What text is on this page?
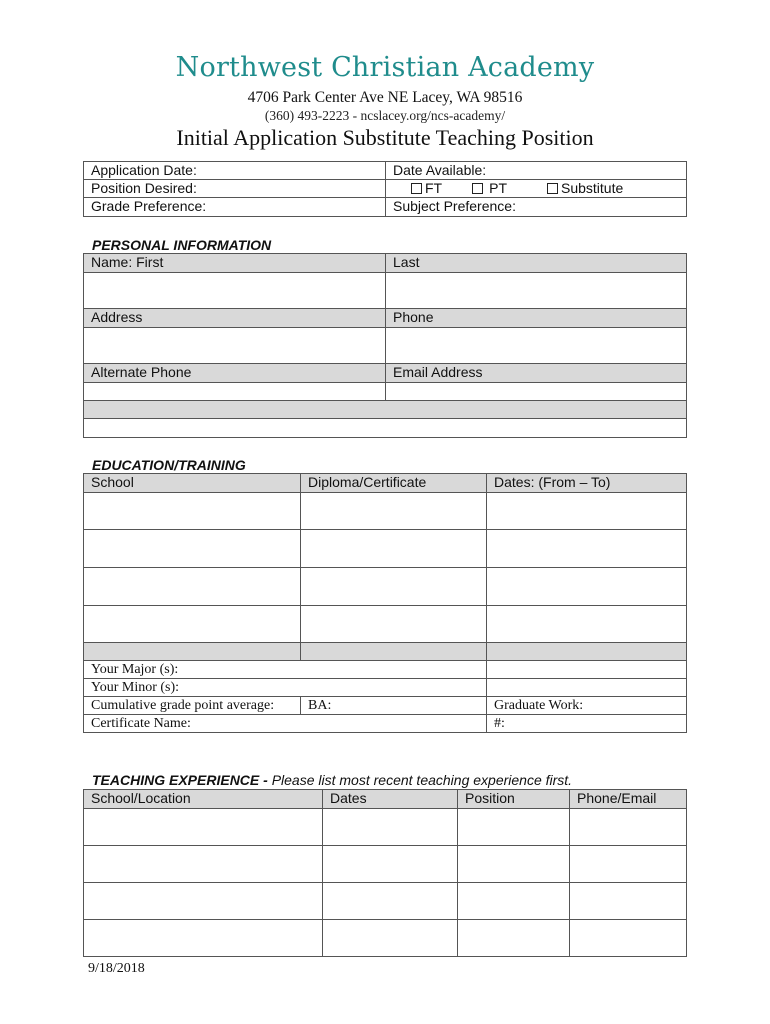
Northwest Christian Academy
4706 Park Center Ave NE Lacey, WA 98516
(360) 493-2223 - ncslacey.org/ncs-academy/
Initial Application Substitute Teaching Position
Application Date:	Date Available:
Position Desired:	FT PT Substitute
Grade Preference:	Subject Preference:
PERSONAL INFORMATION
Name: First	Last

Address	Phone

Alternate Phone	Email Address

EDUCATION/TRAINING
School	Diploma/Certificate	Dates: (From – To)

Your Major (s):		
Your Minor (s):		
Cumulative grade point average:	BA:	Graduate Work:
Certificate Name:		#:
TEACHING EXPERIENCE - Please list most recent teaching experience first.
School/Location	Dates	Position	Phone/Email

9/18/2018
